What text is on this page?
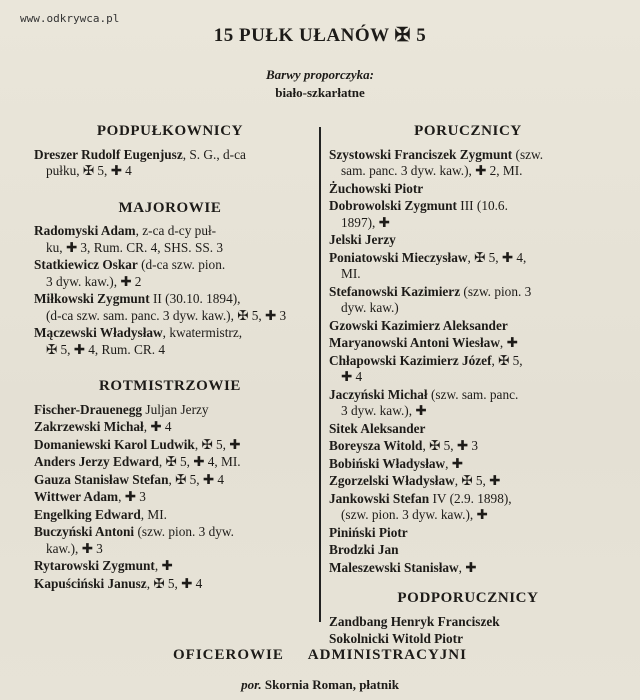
www.odkrywca.pl
15 PUŁK UŁANÓW ✠ 5
Barwy proporczyka:
biało-szkarłatne
PODPUŁKOWNICY
Dreszer Rudolf Eugenjusz, S. G., d-ca
pułku, ✠ 5, ✚ 4
MAJOROWIE
Radomyski Adam, z-ca d-cy puł-
ku, ✚ 3, Rum. CR. 4, SHS. SS. 3
Statkiewicz Oskar (d-ca szw. pion.
3 dyw. kaw.), ✚ 2
Miłkowski Zygmunt II (30.10. 1894),
(d-ca szw. sam. panc. 3 dyw. kaw.), ✠ 5, ✚ 3
Mączewski Władysław, kwatermistrz,
✠ 5, ✚ 4, Rum. CR. 4
ROTMISTRZOWIE
Fischer-Drauenegg Juljan Jerzy
Zakrzewski Michał, ✚ 4
Domaniewski Karol Ludwik, ✠ 5, ✚
Anders Jerzy Edward, ✠ 5, ✚ 4, MI.
Gauza Stanisław Stefan, ✠ 5, ✚ 4
Wittwer Adam, ✚ 3
Engelking Edward, MI.
Buczyński Antoni (szw. pion. 3 dyw.
kaw.), ✚ 3
Rytarowski Zygmunt, ✚
Kapuściński Janusz, ✠ 5, ✚ 4
PORUCZNICY
Szystowski Franciszek Zygmunt (szw.
sam. panc. 3 dyw. kaw.), ✚ 2, MI.
Żuchowski Piotr
Dobrowolski Zygmunt III (10.6.
1897), ✚
Jelski Jerzy
Poniatowski Mieczysław, ✠ 5, ✚ 4,
MI.
Stefanowski Kazimierz (szw. pion. 3
dyw. kaw.)
Gzowski Kazimierz Aleksander
Maryanowski Antoni Wiesław, ✚
Chłapowski Kazimierz Józef, ✠ 5,
✚ 4
Jaczyński Michał (szw. sam. panc.
3 dyw. kaw.), ✚
Sitek Aleksander
Boreysza Witold, ✠ 5, ✚ 3
Bobiński Władysław, ✚
Zgorzelski Władysław, ✠ 5, ✚
Jankowski Stefan IV (2.9. 1898),
(szw. pion. 3 dyw. kaw.), ✚
Piniński Piotr
Brodzki Jan
Maleszewski Stanisław, ✚
PODPORUCZNICY
Zandbang Henryk Franciszek
Sokolnicki Witold Piotr
OFICEROWIE ADMINISTRACYJNI
por. Skornia Roman, płatnik
